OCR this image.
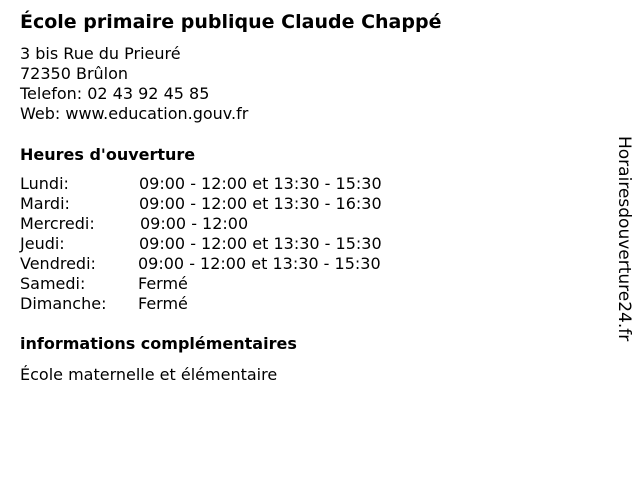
École primaire publique Claude Chappé
3 bis Rue du Prieuré
72350 Brûlon
Telefon: 02 43 92 45 85
Web: www.education.gouv.fr
Heures d'ouverture
Lundi:	09:00 - 12:00 et 13:30 - 15:30
Mardi:	09:00 - 12:00 et 13:30 - 16:30
Mercredi:	09:00 - 12:00
Jeudi:	09:00 - 12:00 et 13:30 - 15:30
Vendredi:	09:00 - 12:00 et 13:30 - 15:30
Samedi:	Fermé
Dimanche: Fermé
informations complémentaires
École maternelle et élémentaire
Horairesdouverture24.fr
